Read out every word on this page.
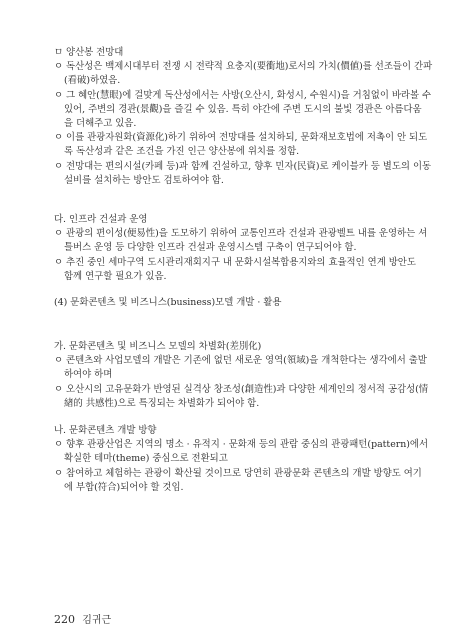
ㅁ 양산봉 전망대
ㅇ 독산성은 백제시대부터 전쟁 시 전략적 요충지(要衝地)로서의 가치(價値)를 선조들이 간파
(看破)하였음.
ㅇ 그 혜안(慧眼)에 걸맞게 독산성에서는 사방(오산시, 화성시, 수원시)을 거침없이 바라볼 수
있어, 주변의 경관(景觀)을 즐길 수 있음. 특히 야간에 주변 도시의 불빛 경관은 아름다움
을 더해주고 있음.
ㅇ 이를 관광자원화(資源化)하기 위하여 전망대를 설치하되, 문화재보호법에 저촉이 안 되도
록 독산성과 같은 조건을 가진 인근 양산봉에 위치를 정함.
ㅇ 전망대는 편의시설(카페 등)과 함께 건설하고, 향후 민자(民資)로 케이블카 등 별도의 이동
설비를 설치하는 방안도 검토하여야 함.
다. 인프라 건설과 운영
ㅇ 관광의 편이성(便易性)을 도모하기 위하여 교통인프라 건설과 관광벨트 내를 운영하는 셔
틀버스 운영 등 다양한 인프라 건설과 운영시스템 구축이 연구되어야 함.
ㅇ 추진 중인 세마구역 도시관리재회지구 내 문화시설복합용지와의 효율적인 연계 방안도
함께 연구할 필요가 있음.
(4) 문화콘텐츠 및 비즈니스(business)모델 개발 · 활용
가. 문화콘텐츠 및 비즈니스 모델의 차별화(差別化)
ㅇ 콘텐츠와 사업모델의 개발은 기존에 없던 새로운 영역(領域)을 개척한다는 생각에서 출발
하여야 하며
ㅇ 오산시의 고유문화가 반영된 실격상 창조성(創造性)과 다양한 세계인의 정서적 공감성(情
緖的 共感性)으로 특징되는 차별화가 되어야 함.
나. 문화콘텐츠 개발 방향
ㅇ 향후 관광산업은 지역의 명소 · 유적지 · 문화재 등의 관람 중심의 관광패턴(pattern)에서
확실한 테마(theme) 중심으로 전환되고
ㅇ 참여하고 체험하는 관광이 확산될 것이므로 당연히 관광문화 콘텐츠의 개발 방향도 여기
에 부합(符合)되어야 할 것임.
220 김귀근
